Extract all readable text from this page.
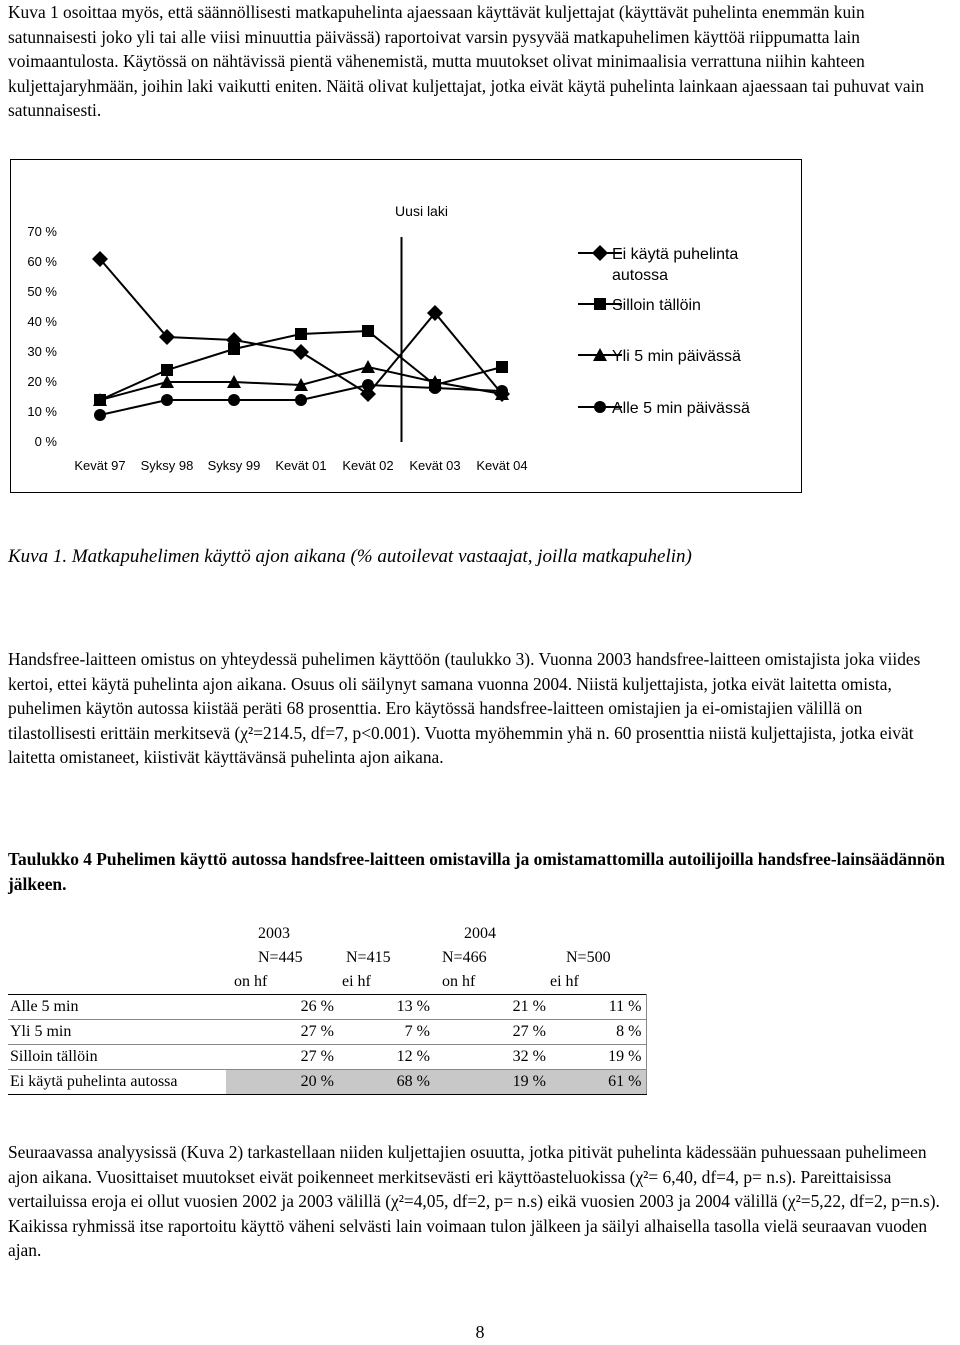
Kuva 1 osoittaa myös, että säännöllisesti matkapuhelinta ajaessaan käyttävät kuljettajat (käyttävät puhelinta enemmän kuin satunnaisesti joko yli tai alle viisi minuuttia päivässä) raportoivat varsin pysyvää matkapuhelimen käyttöä riippumatta lain voimaantulosta. Käytössä on nähtävissä pientä vähenemistä, mutta muutokset olivat minimaalisia verrattuna niihin kahteen kuljettajaryhmään, joihin laki vaikutti eniten. Näitä olivat kuljettajat, jotka eivät käytä puhelinta lainkaan ajaessaan tai puhuvat vain satunnaisesti.

0 %
10 %
20 %
30 %
40 %
50 %
60 %
70 %
Kevät 97 Syksy 98 Syksy 99 Kevät 01 Kevät 02 Kevät 03 Kevät 04
Uusi laki
Ei käytä puhelinta autossa
Silloin tällöin
Yli 5 min päivässä
Alle 5 min päivässä

Kuva 1. Matkapuhelimen käyttö ajon aikana (% autoilevat vastaajat, joilla matkapuhelin)

Handsfree-laitteen omistus on yhteydessä puhelimen käyttöön (taulukko 3). Vuonna 2003 handsfree-laitteen omistajista joka viides kertoi, ettei käytä puhelinta ajon aikana. Osuus oli säilynyt samana vuonna 2004. Niistä kuljettajista, jotka eivät laitetta omista, puhelimen käytön autossa kiistää peräti 68 prosenttia. Ero käytössä handsfree-laitteen omistajien ja ei-omistajien välillä on tilastollisesti erittäin merkitsevä (χ²=214.5, df=7, p<0.001). Vuotta myöhemmin yhä n. 60 prosenttia niistä kuljettajista, jotka eivät laitetta omistaneet, kiistivät käyttävänsä puhelinta ajon aikana.

Taulukko 4 Puhelimen käyttö autossa handsfree-laitteen omistavilla ja omistamattomilla autoilijoilla handsfree-lainsäädännön jälkeen.

	2003		2004	
	N=445	N=415	N=466	N=500
	on hf	ei hf	on hf	ei hf
Alle 5 min	26 %	13 %	21 %	11 %
Yli 5 min	27 %	7 %	27 %	8 %
Silloin tällöin	27 %	12 %	32 %	19 %
Ei käytä puhelinta autossa	20 %	68 %	19 %	61 %

Seuraavassa analyysissä (Kuva 2) tarkastellaan niiden kuljettajien osuutta, jotka pitivät puhelinta kädessään puhuessaan puhelimeen ajon aikana. Vuosittaiset muutokset eivät poikenneet merkitsevästi eri käyttöasteluokissa (χ²= 6,40, df=4, p= n.s). Pareittaisissa vertailuissa eroja ei ollut vuosien 2002 ja 2003 välillä (χ²=4,05, df=2, p= n.s) eikä vuosien 2003 ja 2004 välillä (χ²=5,22, df=2, p=n.s). Kaikissa ryhmissä itse raportoitu käyttö väheni selvästi lain voimaan tulon jälkeen ja säilyi alhaisella tasolla vielä seuraavan vuoden ajan.

8
